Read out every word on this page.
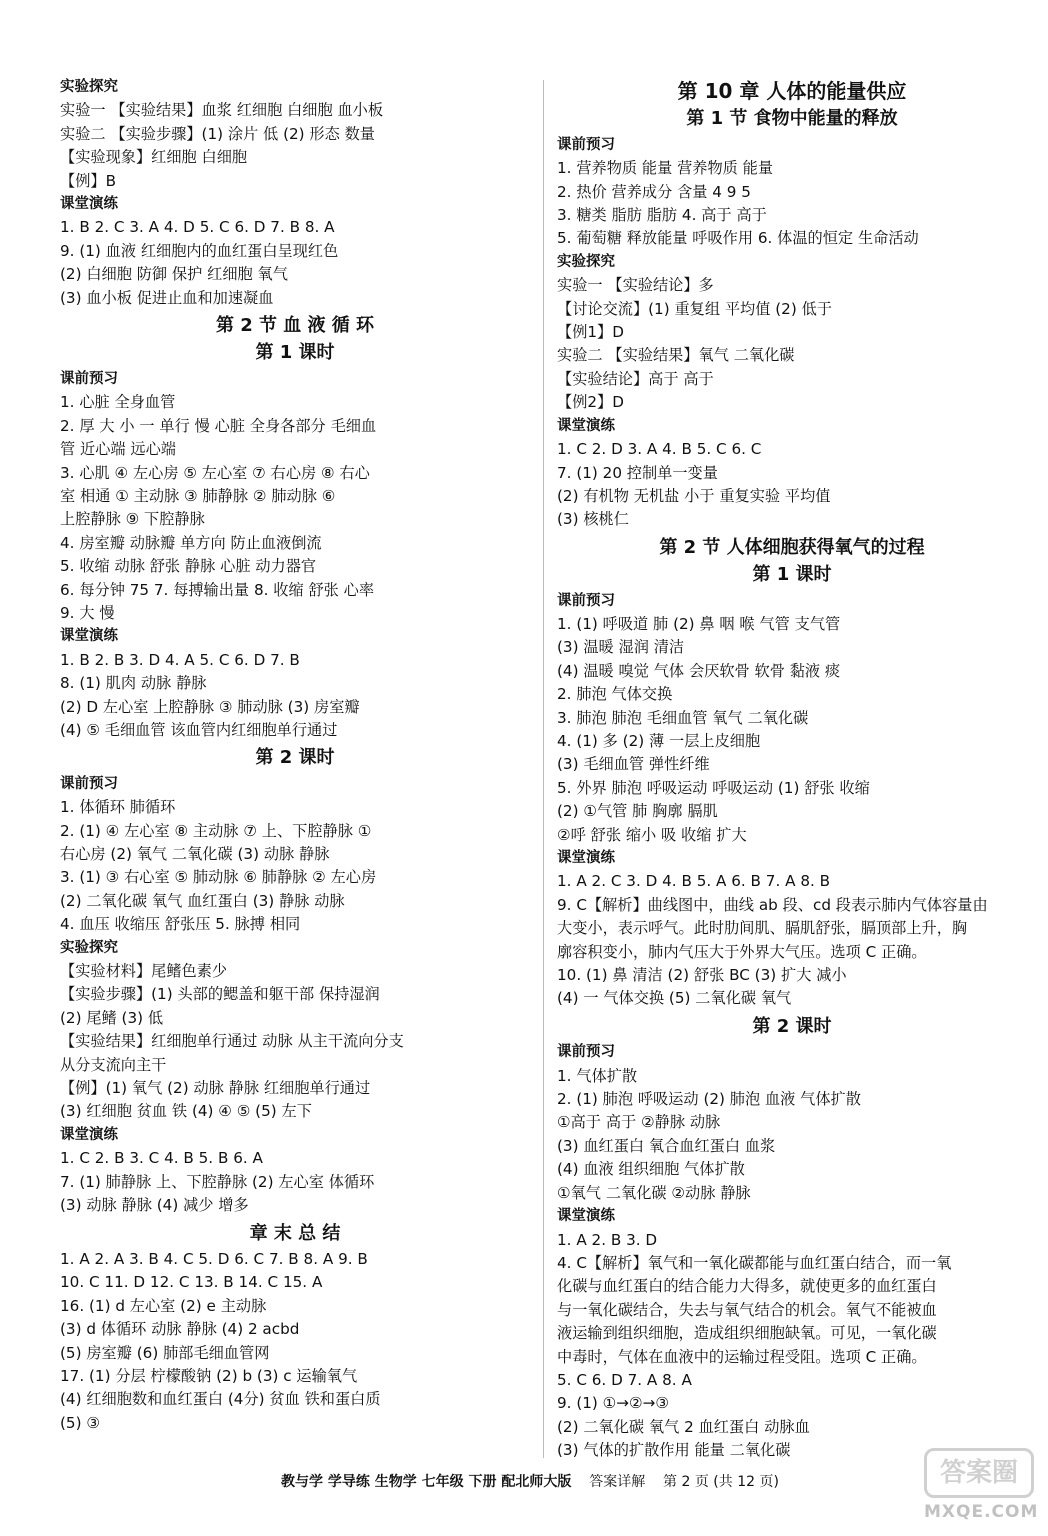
实验探究
实验一 【实验结果】血浆 红细胞 白细胞 血小板
实验二 【实验步骤】(1) 涂片 低 (2) 形态 数量
【实验现象】红细胞 白细胞
【例】B
课堂演练
1. B 2. C 3. A 4. D 5. C 6. D 7. B 8. A
9. (1) 血液 红细胞内的血红蛋白呈现红色
(2) 白细胞 防御 保护 红细胞 氧气
(3) 血小板 促进止血和加速凝血
第 2 节 血 液 循 环
第 1 课时
课前预习
1. 心脏 全身血管
2. 厚 大 小 一 单行 慢 心脏 全身各部分 毛细血
管 近心端 远心端
3. 心肌 ④ 左心房 ⑤ 左心室 ⑦ 右心房 ⑧ 右心
室 相通 ① 主动脉 ③ 肺静脉 ② 肺动脉 ⑥
上腔静脉 ⑨ 下腔静脉
4. 房室瓣 动脉瓣 单方向 防止血液倒流
5. 收缩 动脉 舒张 静脉 心脏 动力器官
6. 每分钟 75 7. 每搏输出量 8. 收缩 舒张 心率
9. 大 慢
课堂演练
1. B 2. B 3. D 4. A 5. C 6. D 7. B
8. (1) 肌肉 动脉 静脉
(2) D 左心室 上腔静脉 ③ 肺动脉 (3) 房室瓣
(4) ⑤ 毛细血管 该血管内红细胞单行通过
第 2 课时
课前预习
1. 体循环 肺循环
2. (1) ④ 左心室 ⑧ 主动脉 ⑦ 上、下腔静脉 ①
右心房 (2) 氧气 二氧化碳 (3) 动脉 静脉
3. (1) ③ 右心室 ⑤ 肺动脉 ⑥ 肺静脉 ② 左心房
(2) 二氧化碳 氧气 血红蛋白 (3) 静脉 动脉
4. 血压 收缩压 舒张压 5. 脉搏 相同
实验探究
【实验材料】尾鳍色素少
【实验步骤】(1) 头部的鳃盖和躯干部 保持湿润
(2) 尾鳍 (3) 低
【实验结果】红细胞单行通过 动脉 从主干流向分支
从分支流向主干
【例】(1) 氧气 (2) 动脉 静脉 红细胞单行通过
(3) 红细胞 贫血 铁 (4) ④ ⑤ (5) 左下
课堂演练
1. C 2. B 3. C 4. B 5. B 6. A
7. (1) 肺静脉 上、下腔静脉 (2) 左心室 体循环
(3) 动脉 静脉 (4) 减少 增多
章 末 总 结
1. A 2. A 3. B 4. C 5. D 6. C 7. B 8. A 9. B
10. C 11. D 12. C 13. B 14. C 15. A
16. (1) d 左心室 (2) e 主动脉
(3) d 体循环 动脉 静脉 (4) 2 acbd
(5) 房室瓣 (6) 肺部毛细血管网
17. (1) 分层 柠檬酸钠 (2) b (3) c 运输氧气
(4) 红细胞数和血红蛋白 (4分) 贫血 铁和蛋白质
(5) ③
第 10 章 人体的能量供应
第 1 节 食物中能量的释放
课前预习
1. 营养物质 能量 营养物质 能量
2. 热价 营养成分 含量 4 9 5
3. 糖类 脂肪 脂肪 4. 高于 高于
5. 葡萄糖 释放能量 呼吸作用 6. 体温的恒定 生命活动
实验探究
实验一 【实验结论】多
【讨论交流】(1) 重复组 平均值 (2) 低于
【例1】D
实验二 【实验结果】氧气 二氧化碳
【实验结论】高于 高于
【例2】D
课堂演练
1. C 2. D 3. A 4. B 5. C 6. C
7. (1) 20 控制单一变量
(2) 有机物 无机盐 小于 重复实验 平均值
(3) 核桃仁
第 2 节 人体细胞获得氧气的过程
第 1 课时
课前预习
1. (1) 呼吸道 肺 (2) 鼻 咽 喉 气管 支气管
(3) 温暖 湿润 清洁
(4) 温暖 嗅觉 气体 会厌软骨 软骨 黏液 痰
2. 肺泡 气体交换
3. 肺泡 肺泡 毛细血管 氧气 二氧化碳
4. (1) 多 (2) 薄 一层上皮细胞
(3) 毛细血管 弹性纤维
5. 外界 肺泡 呼吸运动 呼吸运动 (1) 舒张 收缩
(2) ①气管 肺 胸廓 膈肌
②呼 舒张 缩小 吸 收缩 扩大
课堂演练
1. A 2. C 3. D 4. B 5. A 6. B 7. A 8. B
9. C【解析】曲线图中，曲线 ab 段、cd 段表示肺内气体容量由
大变小，表示呼气。此时肋间肌、膈肌舒张，膈顶部上升，胸
廓容积变小，肺内气压大于外界大气压。选项 C 正确。
10. (1) 鼻 清洁 (2) 舒张 BC (3) 扩大 减小
(4) 一 气体交换 (5) 二氧化碳 氧气
第 2 课时
课前预习
1. 气体扩散
2. (1) 肺泡 呼吸运动 (2) 肺泡 血液 气体扩散
①高于 高于 ②静脉 动脉
(3) 血红蛋白 氧合血红蛋白 血浆
(4) 血液 组织细胞 气体扩散
①氧气 二氧化碳 ②动脉 静脉
课堂演练
1. A 2. B 3. D
4. C【解析】氧气和一氧化碳都能与血红蛋白结合，而一氧
化碳与血红蛋白的结合能力大得多，就使更多的血红蛋白
与一氧化碳结合，失去与氧气结合的机会。氧气不能被血
液运输到组织细胞，造成组织细胞缺氧。可见，一氧化碳
中毒时，气体在血液中的运输过程受阻。选项 C 正确。
5. C 6. D 7. A 8. A
9. (1) ①→②→③
(2) 二氧化碳 氧气 2 血红蛋白 动脉血
(3) 气体的扩散作用 能量 二氧化碳
教与学 学导练 生物学 七年级 下册 配北师大版 答案详解 第 2 页 (共 12 页)	答案圈
MXQE.COM
